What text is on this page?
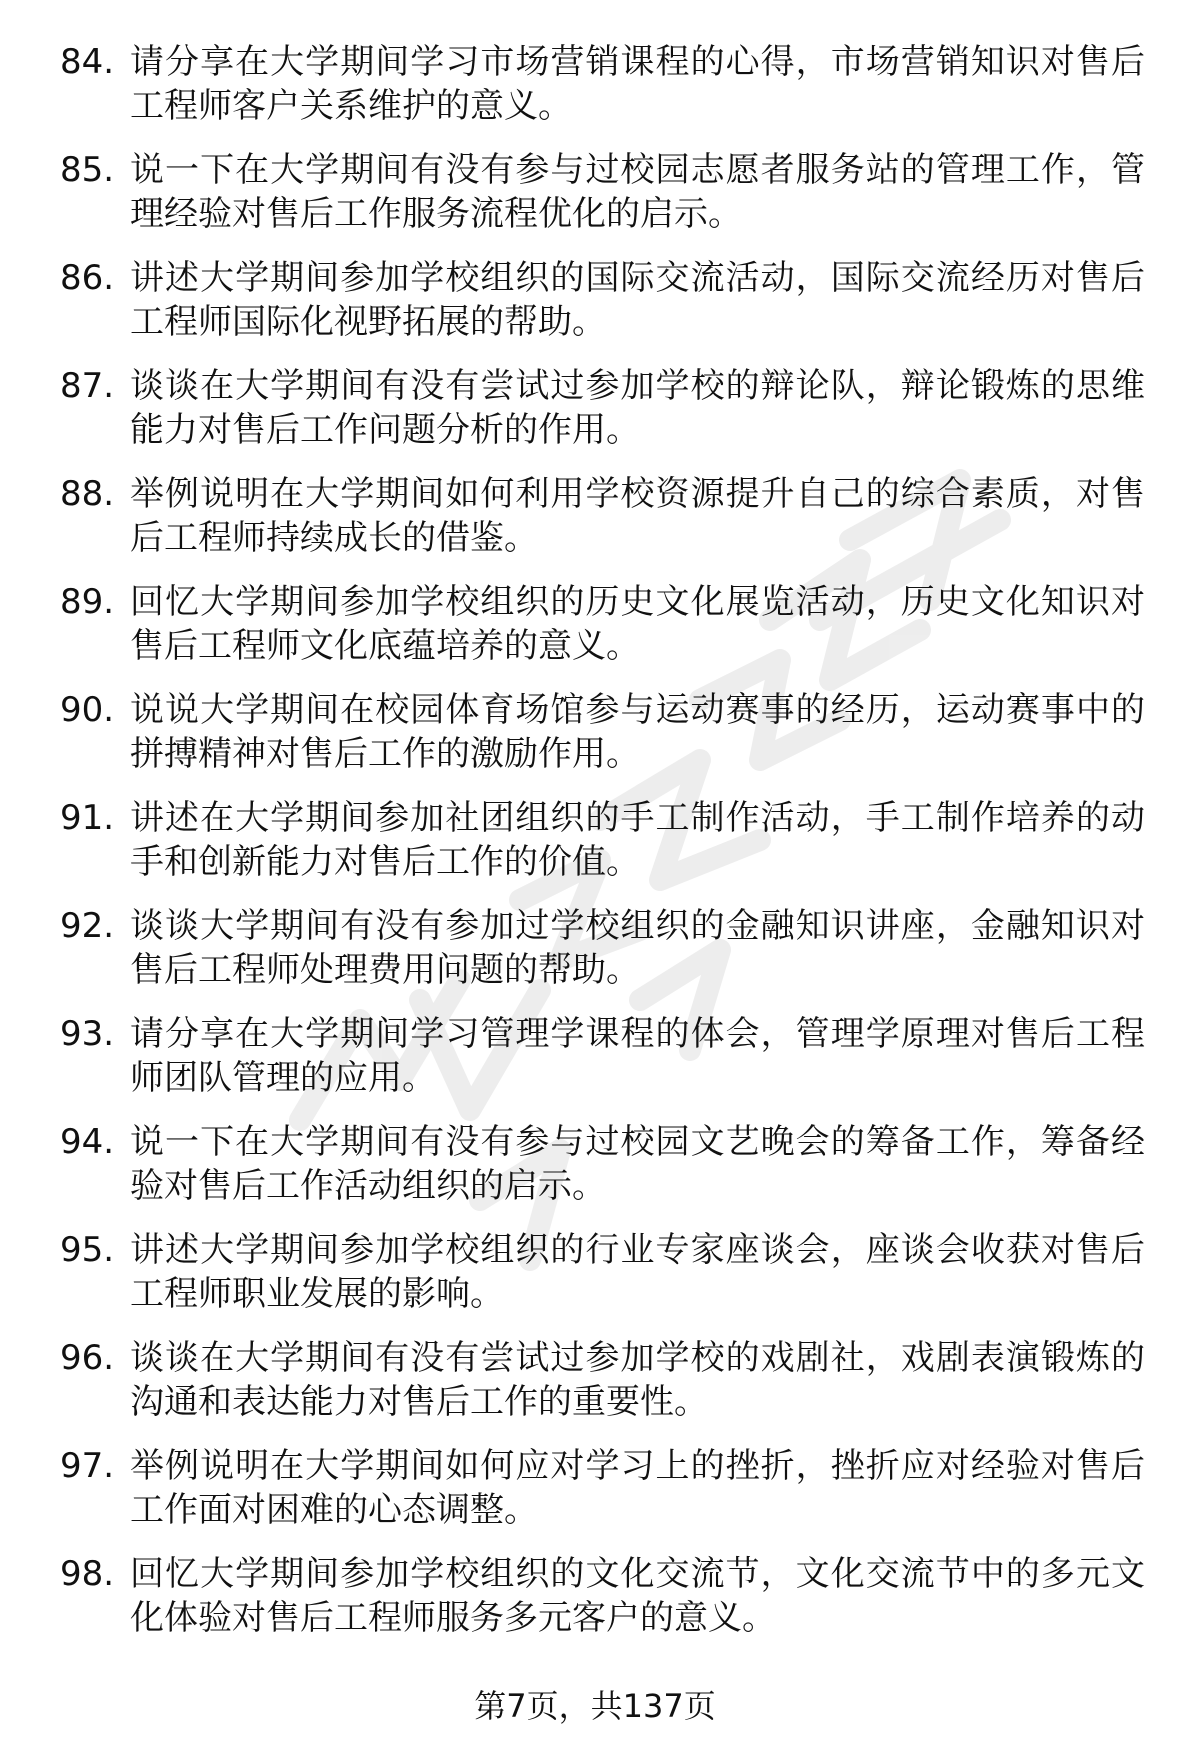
84. 请分享在大学期间学习市场营销课程的心得，市场营销知识对售后工程师客户关系维护的意义。
85. 说一下在大学期间有没有参与过校园志愿者服务站的管理工作，管理经验对售后工作服务流程优化的启示。
86. 讲述大学期间参加学校组织的国际交流活动，国际交流经历对售后工程师国际化视野拓展的帮助。
87. 谈谈在大学期间有没有尝试过参加学校的辩论队，辩论锻炼的思维能力对售后工作问题分析的作用。
88. 举例说明在大学期间如何利用学校资源提升自己的综合素质，对售后工程师持续成长的借鉴。
89. 回忆大学期间参加学校组织的历史文化展览活动，历史文化知识对售后工程师文化底蕴培养的意义。
90. 说说大学期间在校园体育场馆参与运动赛事的经历，运动赛事中的拼搏精神对售后工作的激励作用。
91. 讲述在大学期间参加社团组织的手工制作活动，手工制作培养的动手和创新能力对售后工作的价值。
92. 谈谈大学期间有没有参加过学校组织的金融知识讲座，金融知识对售后工程师处理费用问题的帮助。
93. 请分享在大学期间学习管理学课程的体会，管理学原理对售后工程师团队管理的应用。
94. 说一下在大学期间有没有参与过校园文艺晚会的筹备工作，筹备经验对售后工作活动组织的启示。
95. 讲述大学期间参加学校组织的行业专家座谈会，座谈会收获对售后工程师职业发展的影响。
96. 谈谈在大学期间有没有尝试过参加学校的戏剧社，戏剧表演锻炼的沟通和表达能力对售后工作的重要性。
97. 举例说明在大学期间如何应对学习上的挫折，挫折应对经验对售后工作面对困难的心态调整。
98. 回忆大学期间参加学校组织的文化交流节，文化交流节中的多元文化体验对售后工程师服务多元客户的意义。
第7页，共137页
